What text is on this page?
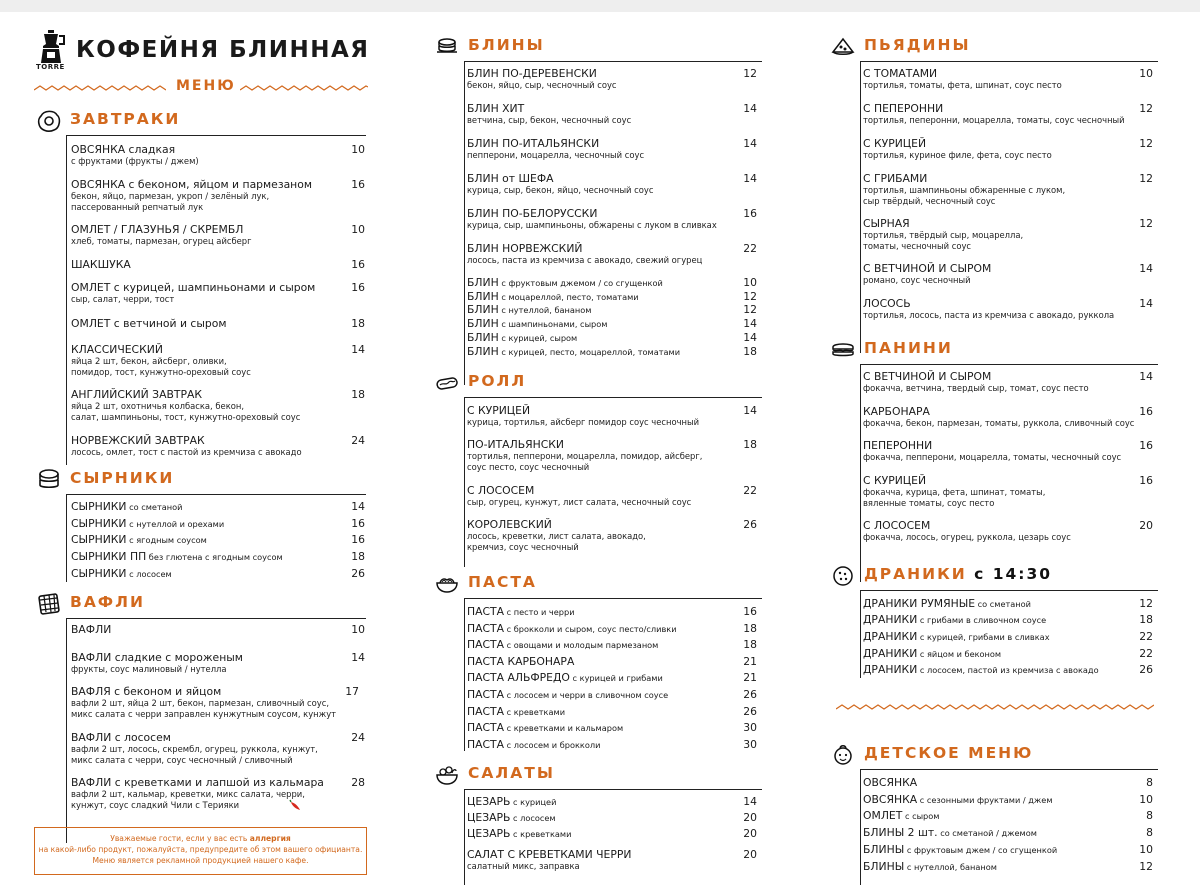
TORRE
КОФЕЙНЯ БЛИННАЯ
МЕНЮ
ЗАВТРАКИ
ОВСЯНКА сладкая
с фруктами (фрукты / джем)
10
ОВСЯНКА с беконом, яйцом и пармезаном
бекон, яйцо, пармезан, укроп / зелёный лук,
пассерованный репчатый лук
16
ОМЛЕТ / ГЛАЗУНЬЯ / СКРЕМБЛ
хлеб, томаты, пармезан, огурец айсберг
10
ШАКШУКА	16
ОМЛЕТ с курицей, шампиньонами и сыром
сыр, салат, черри, тост
16
ОМЛЕТ с ветчиной и сыром	18
КЛАССИЧЕСКИЙ
яйца 2 шт, бекон, айсберг, оливки,
помидор, тост, кунжутно-ореховый соус
14
АНГЛИЙСКИЙ ЗАВТРАК
яйца 2 шт, охотничья колбаска, бекон,
салат, шампиньоны, тост, кунжутно-ореховый соус
18
НОРВЕЖСКИЙ ЗАВТРАК
лосось, омлет, тост с пастой из кремчиза с авокадо
24
СЫРНИКИ
СЫРНИКИ со сметаной	14
СЫРНИКИ с нутеллой и орехами	16
СЫРНИКИ с ягодным соусом	16
СЫРНИКИ ПП без глютена с ягодным соусом	18
СЫРНИКИ с лососем	26
ВАФЛИ
ВАФЛИ	10
ВАФЛИ сладкие с мороженым
фрукты, соус малиновый / нутелла
14
ВАФЛЯ с беконом и яйцом
вафли 2 шт, яйца 2 шт, бекон, пармезан, сливочный соус,
микс салата с черри заправлен кунжутным соусом, кунжут
17
ВАФЛИ с лососем
вафли 2 шт, лосось, скрембл, огурец, руккола, кунжут,
микс салата с черри, соус чесночный / сливочный
24
ВАФЛИ с креветками и лапшой из кальмара
вафли 2 шт, кальмар, креветки, микс салата, черри,
кунжут, соус сладкий Чили с Терияки
28
Уважаемые гости, если у вас есть аллергия
на какой-либо продукт, пожалуйста, предупредите об этом вашего официанта.
Меню является рекламной продукцией нашего кафе.
БЛИНЫ
БЛИН ПО-ДЕРЕВЕНСКИ
бекон, яйцо, сыр, чесночный соус
12
БЛИН ХИТ
ветчина, сыр, бекон, чесночный соус
14
БЛИН ПО-ИТАЛЬЯНСКИ
пепперони, моцарелла, чесночный соус
14
БЛИН от ШЕФА
курица, сыр, бекон, яйцо, чесночный соус
14
БЛИН ПО-БЕЛОРУССКИ
курица, сыр, шампиньоны, обжарены с луком в сливках
16
БЛИН НОРВЕЖСКИЙ
лосось, паста из кремчиза с авокадо, свежий огурец
22
БЛИН с фруктовым джемом / со сгущенкой	10
БЛИН с моцареллой, песто, томатами	12
БЛИН с нутеллой, бананом	12
БЛИН с шампиньонами, сыром	14
БЛИН с курицей, сыром	14
БЛИН с курицей, песто, моцареллой, томатами	18
РОЛЛ
С КУРИЦЕЙ
курица, тортилья, айсберг помидор соус чесночный
14
ПО-ИТАЛЬЯНСКИ
тортилья, пепперони, моцарелла, помидор, айсберг,
соус песто, соус чесночный
18
С ЛОСОСЕМ
сыр, огурец, кунжут, лист салата, чесночный соус
22
КОРОЛЕВСКИЙ
лосось, креветки, лист салата, авокадо,
кремчиз, соус чесночный
26
ПАСТА
ПАСТА с песто и черри	16
ПАСТА с брокколи и сыром, соус песто/сливки	18
ПАСТА с овощами и молодым пармезаном	18
ПАСТА КАРБОНАРА	21
ПАСТА АЛЬФРЕДО с курицей и грибами	21
ПАСТА с лососем и черри в сливочном соусе	26
ПАСТА с креветками	26
ПАСТА с креветками и кальмаром	30
ПАСТА с лососем и брокколи	30
САЛАТЫ
ЦЕЗАРЬ с курицей	14
ЦЕЗАРЬ с лососем	20
ЦЕЗАРЬ с креветками	20
САЛАТ С КРЕВЕТКАМИ ЧЕРРИ
салатный микс, заправка
20
ПЬЯДИНЫ
С ТОМАТАМИ
тортилья, томаты, фета, шпинат, соус песто
10
С ПЕПЕРОННИ
тортилья, пеперонни, моцарелла, томаты, соус чесночный
12
С КУРИЦЕЙ
тортилья, куриное филе, фета, соус песто
12
С ГРИБАМИ
тортилья, шампиньоны обжаренные с луком,
сыр твёрдый, чесночный соус
12
СЫРНАЯ
тортилья, твёрдый сыр, моцарелла,
томаты, чесночный соус
12
С ВЕТЧИНОЙ И СЫРОМ
романо, соус чесночный
14
ЛОСОСЬ
тортилья, лосось, паста из кремчиза с авокадо, руккола
14
ПАНИНИ
С ВЕТЧИНОЙ И СЫРОМ
фокачча, ветчина, твердый сыр, томат, соус песто
14
КАРБОНАРА
фокачча, бекон, пармезан, томаты, руккола, сливочный соус
16
ПЕПЕРОННИ
фокачча, пепперони, моцарелла, томаты, чесночный соус
16
С КУРИЦЕЙ
фокачча, курица, фета, шпинат, томаты,
вяленные томаты, соус песто
16
С ЛОСОСЕМ
фокачча, лосось, огурец, руккола, цезарь соус
20
ДРАНИКИ с 14:30
ДРАНИКИ РУМЯНЫЕ со сметаной	12
ДРАНИКИ с грибами в сливочном соусе	18
ДРАНИКИ с курицей, грибами в сливках	22
ДРАНИКИ с яйцом и беконом	22
ДРАНИКИ с лососем, пастой из кремчиза с авокадо	26
ДЕТСКОЕ МЕНЮ
ОВСЯНКА	8
ОВСЯНКА с сезонными фруктами / джем	10
ОМЛЕТ с сыром	8
БЛИНЫ 2 шт. со сметаной / джемом	8
БЛИНЫ с фруктовым джем / со сгущенкой	10
БЛИНЫ с нутеллой, бананом	12
